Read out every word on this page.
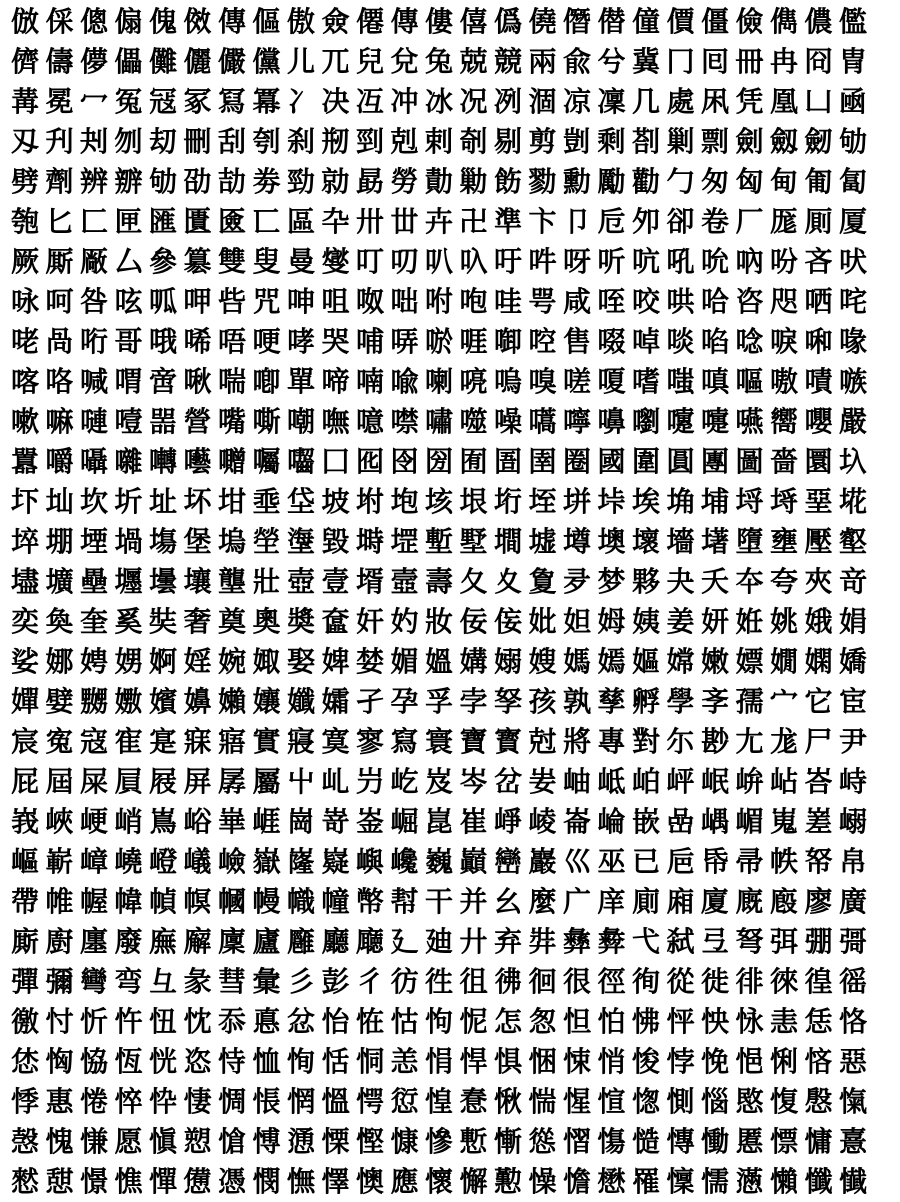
倣 倸 傯 傓 傀 傚 傳 傴 傲 僉 僊 傳 僂 僖 僞 僥 僭 僣 僮 價 僵 儉 儁 儂 儖
儕 儔 儚 儡 儺 儷 儼 儻 儿 兀 兒 兌 兔 兢 競 兩 兪 兮 冀 冂 囘 冊 冉 冏 冑
冓 冕 冖 冤 冦 冢 冩 冪 冫 决 冱 冲 冰 况 冽 涸 凉 凜 几 處 凩 凭 凰 凵 凾
刄 刋 刔 刎 刧 刪 刮 刳 刹 剏 剄 剋 剌 剞 剔 剪 剴 剩 剳 剿 剽 劍 劔 劒 劬
劈 劑 辨 辧 劬 劭 劼 劵 勁 勍 勗 勞 勣 勦 飭 勠 勳 勵 勸 勹 匆 匈 甸 匍 匐
匏 匕 匚 匣 匯 匱 匳 匸 區 卆 卅 丗 卉 卍 準 卞 卩 卮 夘 卻 卷 厂 厖 厠 厦
厥 厮 厰 厶 參 簒 雙 叟 曼 燮 叮 叨 叭 叺 吁 吽 呀 听 吭 吼 吮 吶 吩 吝 吠
咏 呵 咎 呟 呱 呷 呰 咒 呻 咀 呶 咄 咐 咆 哇 咢 咸 咥 咬 哄 哈 咨 咫 哂 咤
咾 咼 哘 哥 哦 唏 唔 哽 哮 哭 哺 哢 唹 啀 啣 啌 售 啜 啅 啖 啗 唸 唳 啝 喙
喀 咯 喊 喟 啻 啾 喘 喞 單 啼 喃 喩 喇 喨 嗚 嗅 嗟 嗄 嗜 嗤 嗔 嘔 嗷 嘖 嗾
嗽 嘛 嗹 噎 噐 營 嘴 嘶 嘲 嘸 噫 噤 嘯 噬 噪 嚆 嚀 嚊 嚠 嚔 嚏 嚥 嚮 嚶 嚴
囂 嚼 囁 囃 囀 囈 囎 囑 囓 囗 囮 囹 圀 囿 圄 圉 圈 國 圍 圓 團 圖 嗇 圜 圦
圷 圸 坎 圻 址 坏 坩 埀 垈 坡 坿 垉 垓 垠 垳 垤 垪 垰 埃 埆 埔 埒 埓 堊 埖
埣 堋 堙 堝 塲 堡 塢 塋 塰 毀 塒 堽 塹 墅 墹 墟 墫 墺 壞 墻 墸 墮 壅 壓 壑
壗 壙 壘 壥 壜 壤 壟 壯 壺 壹 壻 壼 壽 夂 夊 夐 夛 梦 夥 夬 夭 夲 夸 夾 竒
奕 奐 奎 奚 奘 奢 奠 奧 奬 奩 奸 妁 妝 佞 侫 妣 妲 姆 姨 姜 妍 姙 姚 娥 娟
娑 娜 娉 娚 婀 婬 婉 娵 娶 婢 婪 媚 媼 媾 嫋 嫂 媽 嫣 嫗 嫦 嫩 嫖 嫺 嫻 嬌
嬋 嬖 嬲 嫐 嬪 嬶 嬾 孃 孅 孀 孑 孕 孚 孛 孥 孩 孰 孳 孵 學 斈 孺 宀 它 宦
宸 寃 寇 寉 寔 寐 寤 實 寢 寞 寥 寫 寰 寶 寳 尅 將 專 對 尓 尠 尢 尨 尸 尹
屁 屆 屎 屓 屐 屏 孱 屬 屮 乢 屶 屹 岌 岑 岔 妛 岫 岻 岶 岼 岷 峅 岾 峇 峙
峩 峽 峺 峭 嶌 峪 崋 崕 崗 嵜 崟 崛 崑 崔 崢 崚 崙 崘 嵌 嵒 嵎 嵋 嵬 嵳 嵶
嶇 嶄 嶂 嶢 嶝 嶬 嶮 嶽 嶐 嶷 嶼 巉 巍 巓 巒 巖 巛 巫 已 巵 帋 帚 帙 帑 帛
帶 帷 幄 幃 幀 幎 幗 幔 幟 幢 幤 幇 干 并 幺 麼 广 庠 廁 廂 廈 廐 廏 廖 廣
廝 廚 廛 廢 廡 廨 廩 廬 廱 廳 廰 廴 廸 廾 弃 弉 彝 彜 弋 弑 弖 弩 弭 弸 彁
彈 彌 彎 弯 彑 彖 彗 彙 彡 彭 彳 彷 徃 徂 彿 徊 很 徑 徇 從 徙 徘 徠 徨 徭
徼 忖 忻 忤 忸 忱 忝 悳 忿 怡 恠 怙 怐 怩 怎 怱 怛 怕 怫 怦 怏 怺 恚 恁 恪
恷 恟 恊 恆 恍 恣 恃 恤 恂 恬 恫 恙 悁 悍 惧 悃 悚 悄 悛 悖 悗 悒 悧 悋 惡
悸 惠 惓 悴 忰 悽 惆 悵 惘 慍 愕 愆 惶 惷 愀 惴 惺 愃 愡 惻 惱 愍 愎 慇 愾
愨 愧 慊 愿 愼 愬 愴 愽 慂 慄 慳 慷 慘 慙 慚 慫 慴 慯 慥 慱 慟 慝 慓 慵 憙
憖 憇 憬 憔 憚 憊 憑 憫 憮 懌 懊 應 懷 懈 懃 懆 憺 懋 罹 懍 懦 懣 懶 懺 懴
